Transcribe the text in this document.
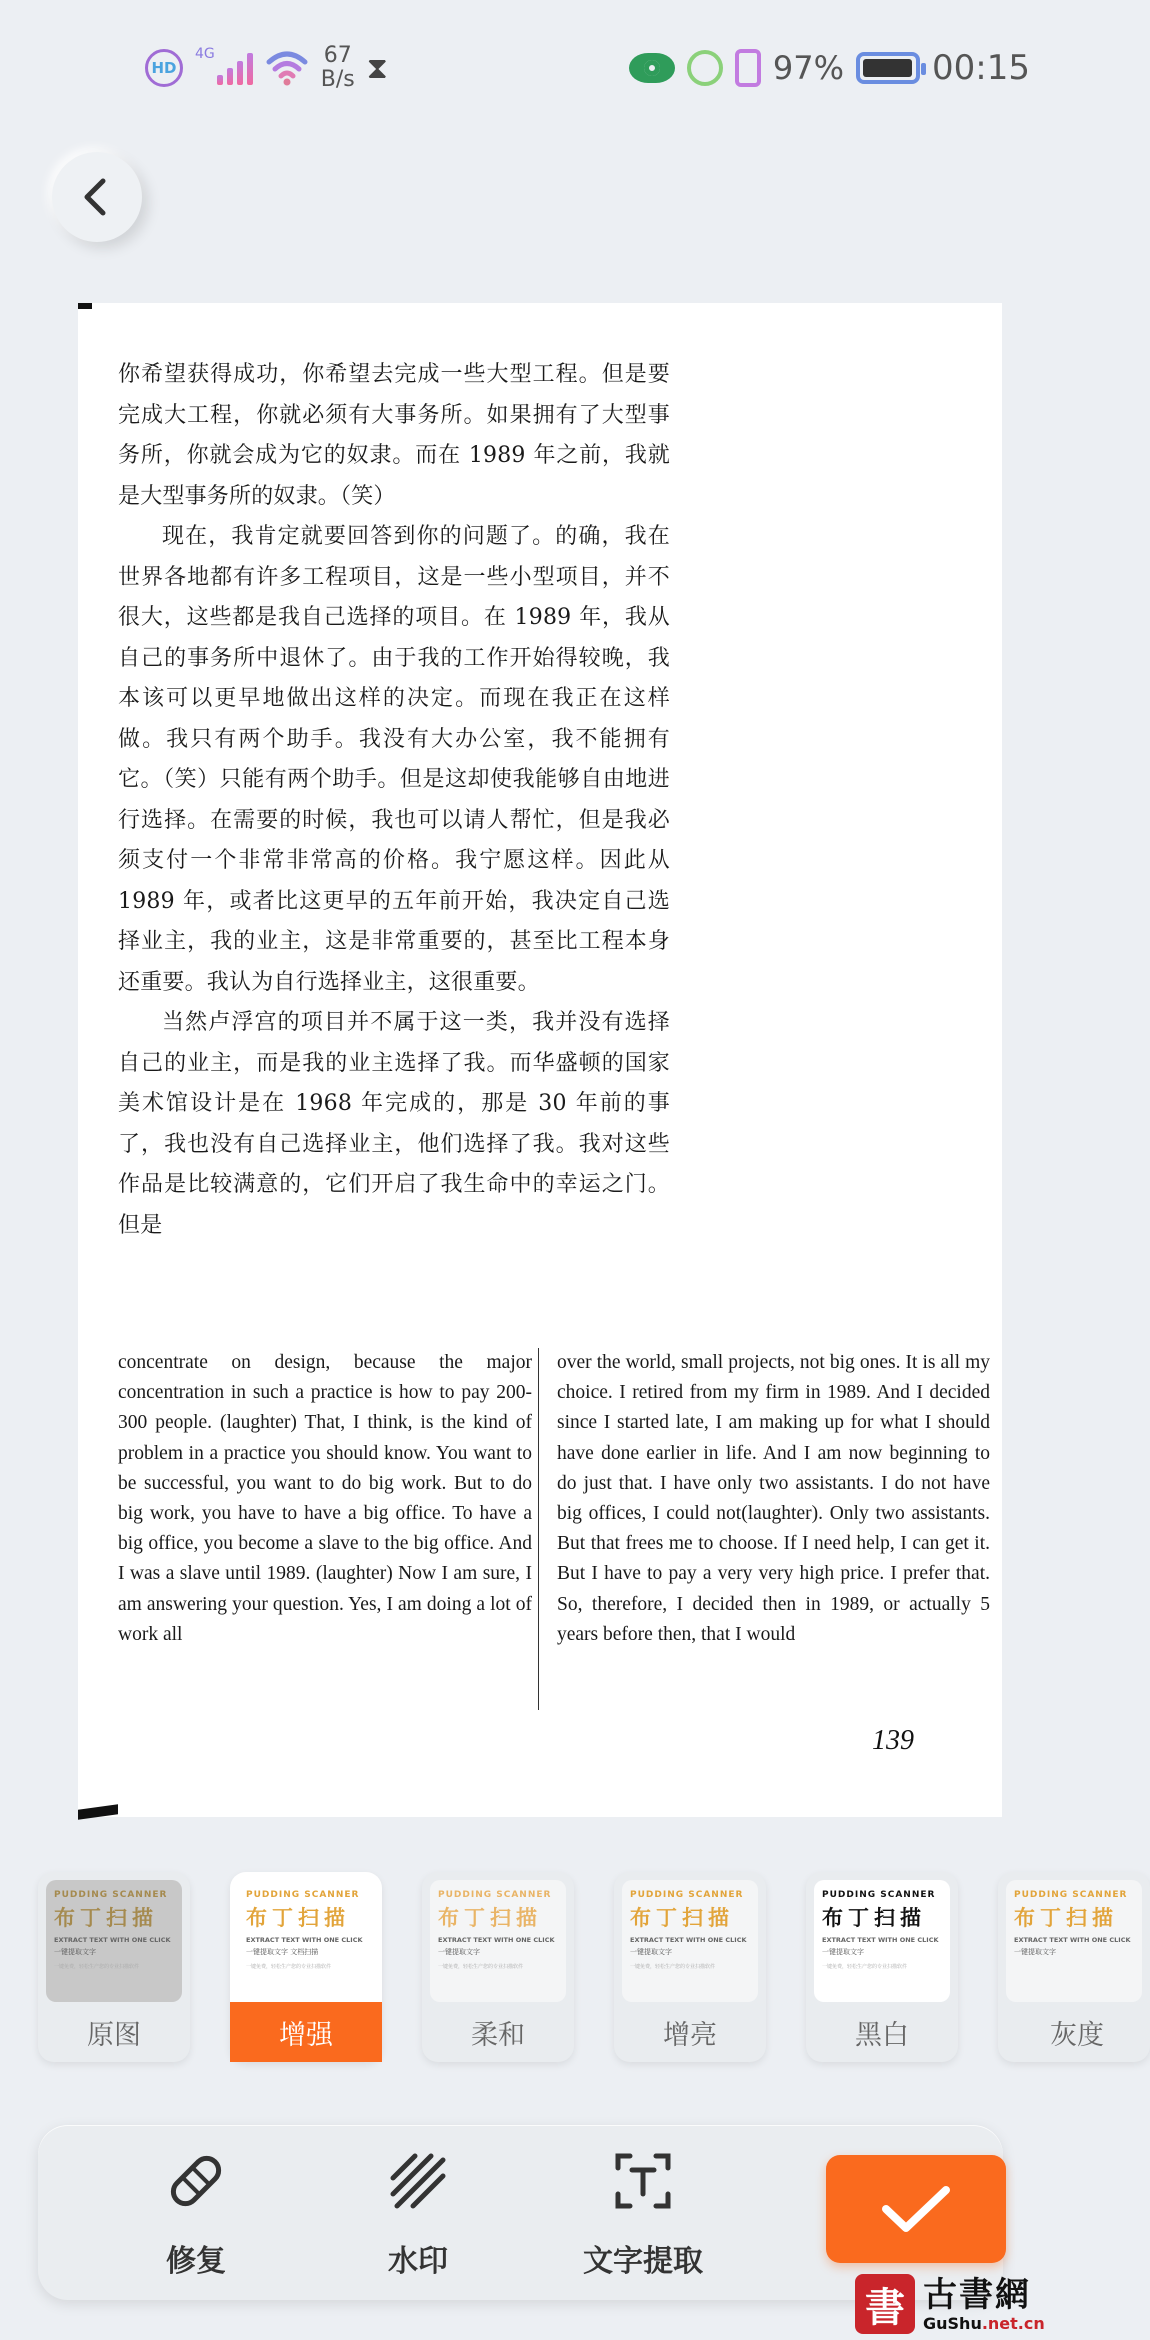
HD
4G	67
B/s ⧗	97%	00:15

你希望获得成功，你希望去完成一些大型工程。但是要完成大工程，你就必须有大事务所。如果拥有了大型事务所，你就会成为它的奴隶。而在 1989 年之前，我就是大型事务所的奴隶。（笑）

现在，我肯定就要回答到你的问题了。的确，我在世界各地都有许多工程项目，这是一些小型项目，并不很大，这些都是我自己选择的项目。在 1989 年，我从自己的事务所中退休了。由于我的工作开始得较晚，我本该可以更早地做出这样的决定。而现在我正在这样做。我只有两个助手。我没有大办公室，我不能拥有它。（笑）只能有两个助手。但是这却使我能够自由地进行选择。在需要的时候，我也可以请人帮忙，但是我必须支付一个非常非常高的价格。我宁愿这样。因此从 1989 年，或者比这更早的五年前开始，我决定自己选择业主，我的业主，这是非常重要的，甚至比工程本身还重要。我认为自行选择业主，这很重要。

当然卢浮宫的项目并不属于这一类，我并没有选择自己的业主，而是我的业主选择了我。而华盛顿的国家美术馆设计是在 1968 年完成的，那是 30 年前的事了，我也没有自己选择业主，他们选择了我。我对这些作品是比较满意的，它们开启了我生命中的幸运之门。但是

concentrate on design, because the major concentration in such a practice is how to pay 200-300 people. (laughter) That, I think, is the kind of problem in a practice you should know. You want to be successful, you want to do big work. But to do big work, you have to have a big office. To have a big office, you become a slave to the big office. And I was a slave until 1989. (laughter) Now I am sure, I am answering your question. Yes, I am doing a lot of work all
over the world, small projects, not big ones. It is all my choice. I retired from my firm in 1989. And I decided since I started late, I am making up for what I should have done earlier in life. And I am now beginning to do just that. I have only two assistants. I do not have big offices, I could not(laughter). Only two assistants. But that frees me to choose. If I need help, I can get it. But I have to pay a very very high price. I prefer that. So, therefore, I decided then in 1989, or actually 5 years before then, that I would
139
PUDDING SCANNER
布丁扫描
EXTRACT TEXT WITH ONE CLICK
一键提取文字
一键免费，轻松生产您的专业扫描软件
原图
PUDDING SCANNER
布丁扫描
EXTRACT TEXT WITH ONE CLICK
一键提取文字 文档扫描
一键免费，轻松生产您的专业扫描软件
增强
PUDDING SCANNER
布丁扫描
EXTRACT TEXT WITH ONE CLICK
一键提取文字
一键免费，轻松生产您的专业扫描软件
柔和
PUDDING SCANNER
布丁扫描
EXTRACT TEXT WITH ONE CLICK
一键提取文字
一键免费，轻松生产您的专业扫描软件
增亮
PUDDING SCANNER
布丁扫描
EXTRACT TEXT WITH ONE CLICK
一键提取文字
一键免费，轻松生产您的专业扫描软件
黑白
PUDDING SCANNER
布丁扫描
EXTRACT TEXT WITH ONE CLICK
一键提取文字
灰度
修复	水印	文字提取
書 古書網
GuShu.net.cn
